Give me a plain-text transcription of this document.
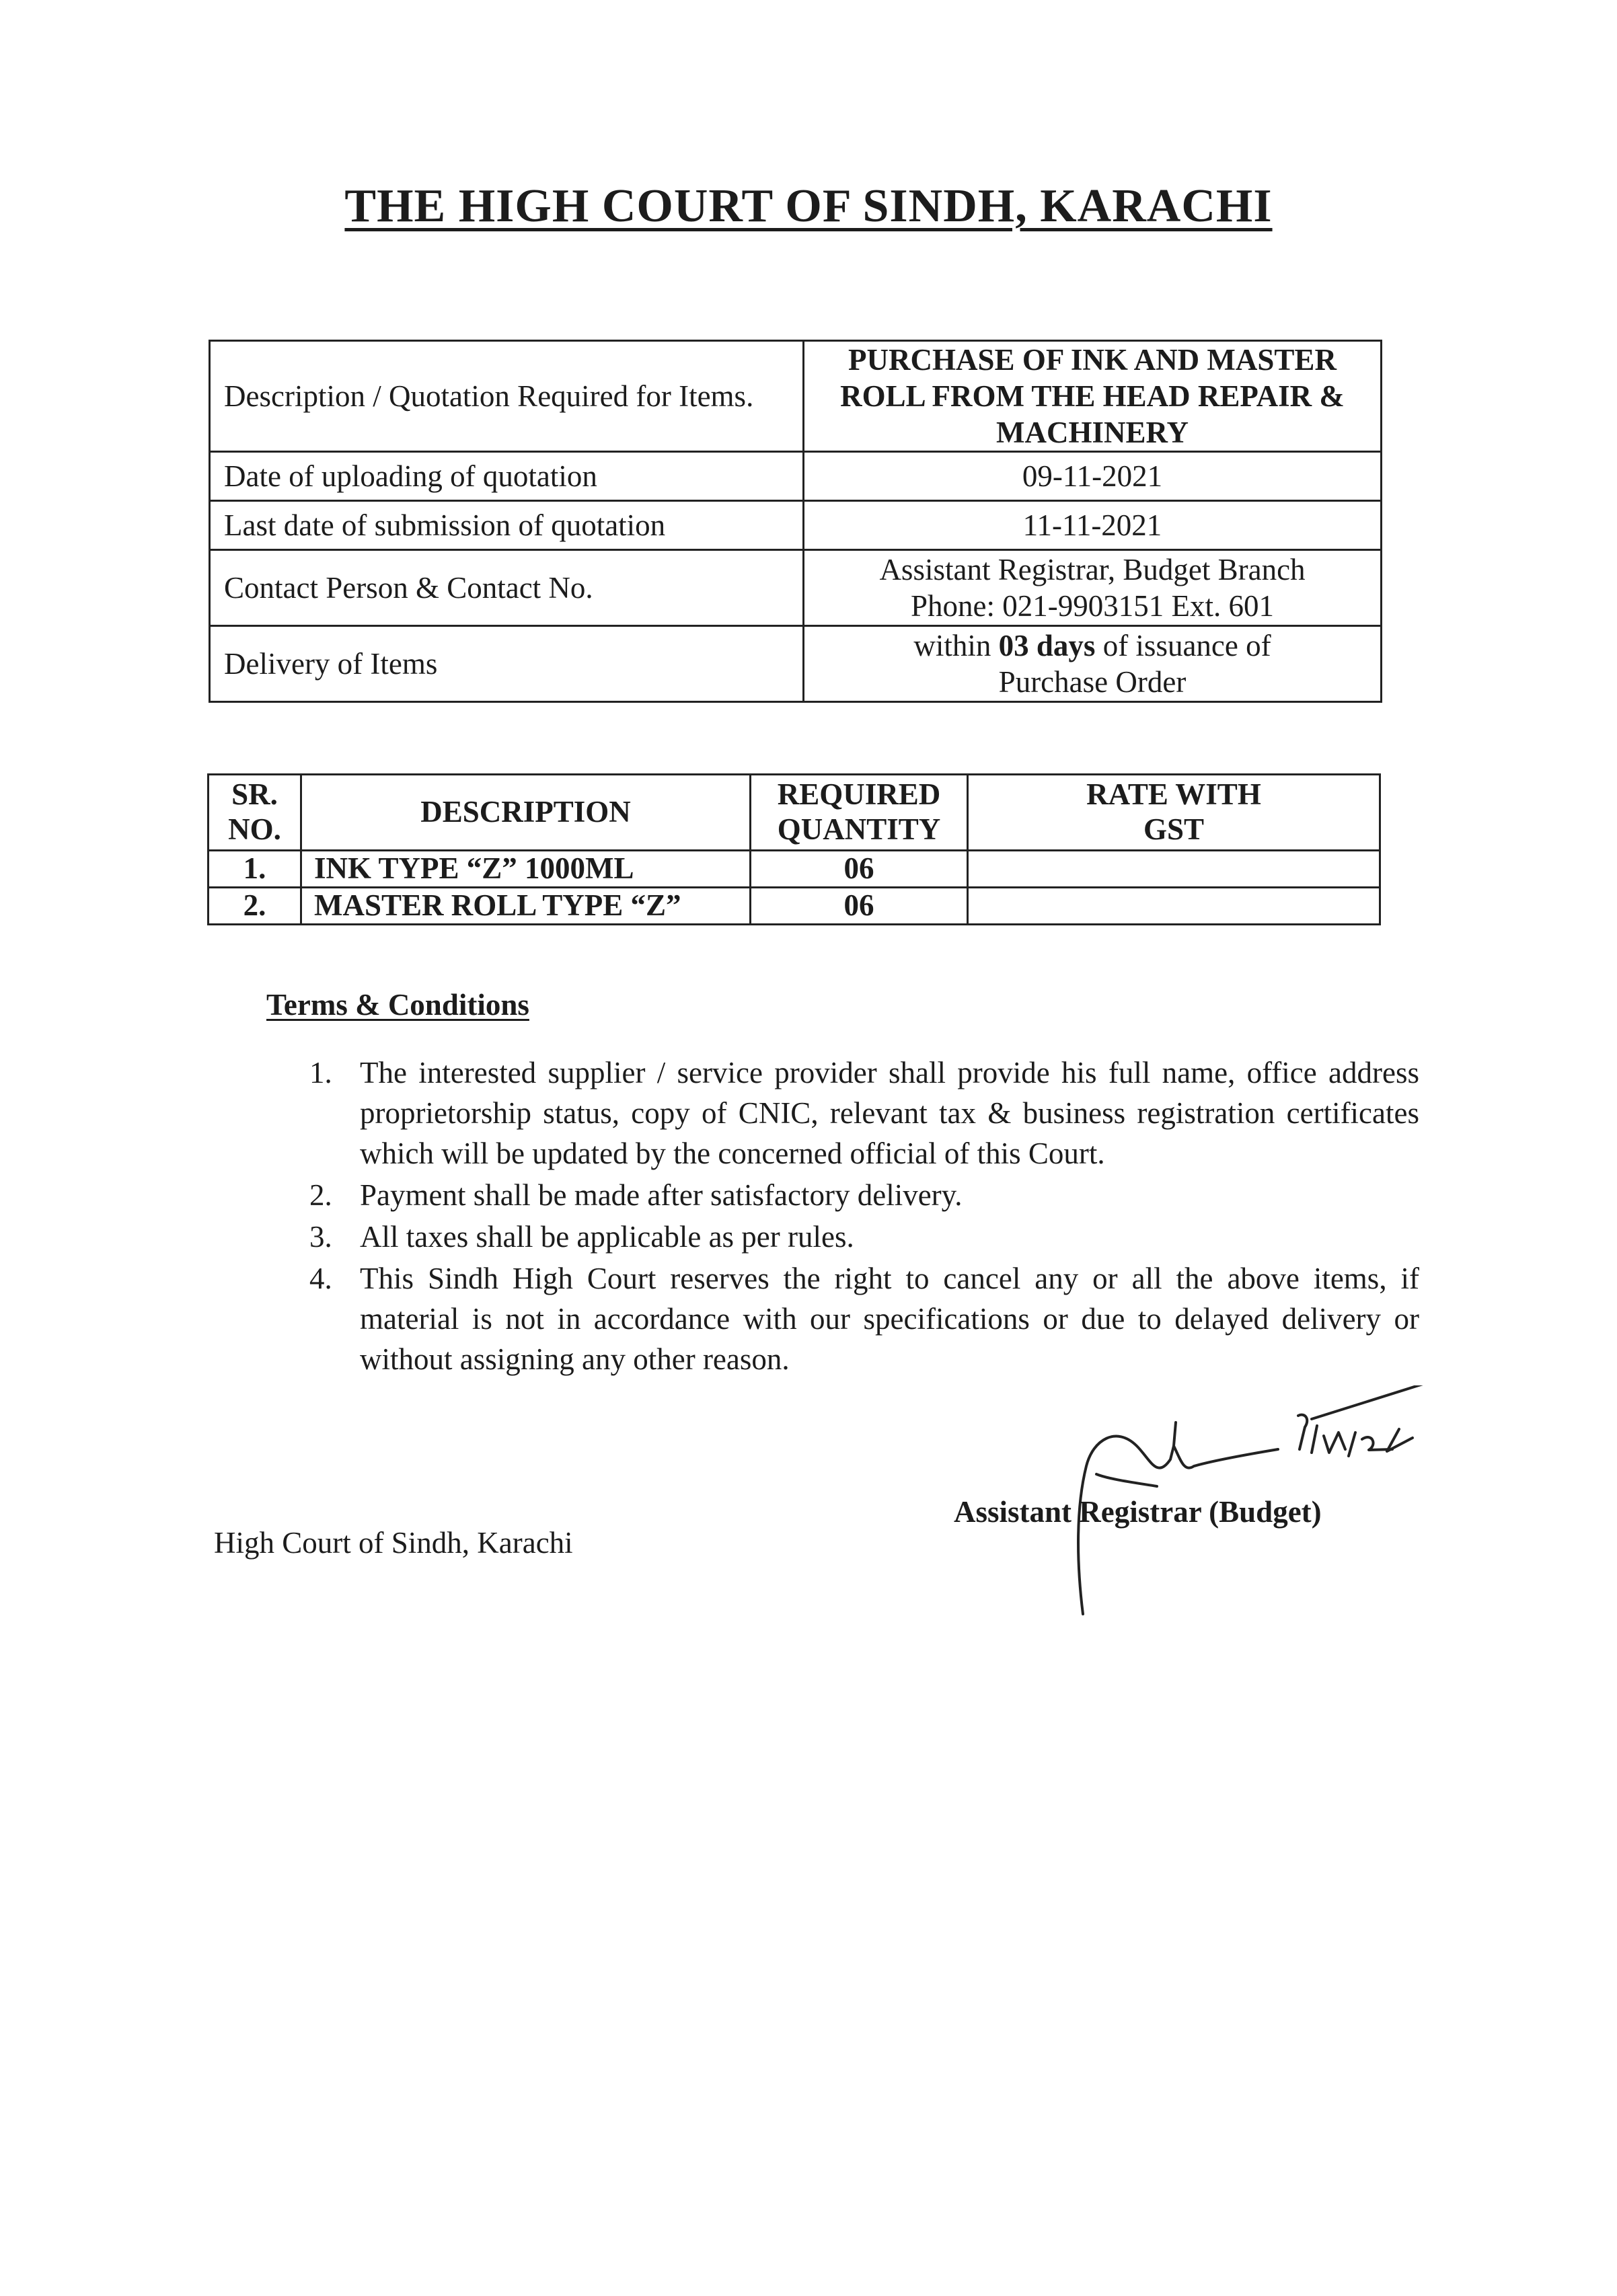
THE HIGH COURT OF SINDH, KARACHI
Description / Quotation Required for Items.	PURCHASE OF INK AND MASTER ROLL FROM THE HEAD REPAIR & MACHINERY
Date of uploading of quotation	09-11-2021
Last date of submission of quotation	11-11-2021
Contact Person & Contact No.	Assistant Registrar, Budget Branch
Phone: 021-9903151 Ext. 601

Delivery of Items	within 03 days of issuance of
Purchase Order
SR. NO.	DESCRIPTION	REQUIRED QUANTITY	RATE WITH GST
1.	INK TYPE “Z” 1000ML	06	
2.	MASTER ROLL TYPE “Z”	06	
Terms & Conditions
1. The interested supplier / service provider shall provide his full name, office address proprietorship status, copy of CNIC, relevant tax & business registration certificates which will be updated by the concerned official of this Court.
2. Payment shall be made after satisfactory delivery.
3. All taxes shall be applicable as per rules.
4. This Sindh High Court reserves the right to cancel any or all the above items, if material is not in accordance with our specifications or due to delayed delivery or without assigning any other reason.
High Court of Sindh, Karachi
Assistant Registrar (Budget)
